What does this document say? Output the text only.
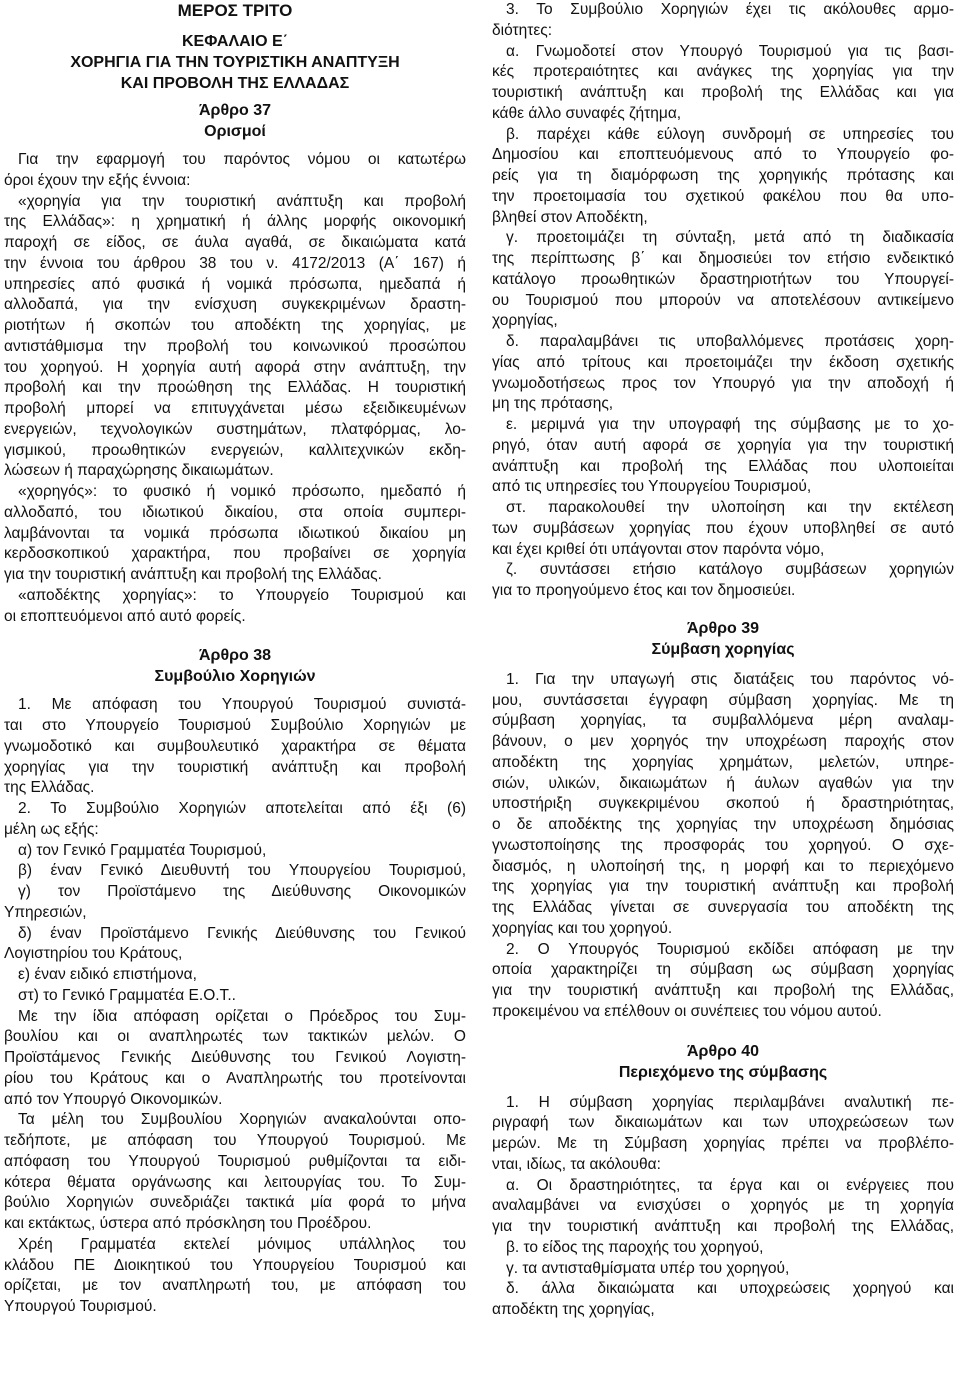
ΜΕΡΟΣ ΤΡΙΤΟ
ΚΕΦΑΛΑΙΟ Ε΄
ΧΟΡΗΓΙΑ ΓΙΑ ΤΗΝ ΤΟΥΡΙΣΤΙΚΗ ΑΝΑΠΤΥΞΗ
ΚΑΙ ΠΡΟΒΟΛΗ ΤΗΣ ΕΛΛΑΔΑΣ
Άρθρο 37
Ορισμοί
Για την εφαρμογή του παρόντος νόμου οι κατωτέρω
όροι έχουν την εξής έννοια:
«χορηγία για την τουριστική ανάπτυξη και προβολή
της Ελλάδας»: η χρηματική ή άλλης μορφής οικονομική
παροχή σε είδος, σε άυλα αγαθά, σε δικαιώματα κατά
την έννοια του άρθρου 38 του ν. 4172/2013 (Α΄ 167) ή
υπηρεσίες από φυσικά ή νομικά πρόσωπα, ημεδαπά ή
αλλοδαπά, για την ενίσχυση συγκεκριμένων δραστη-
ριοτήτων ή σκοπών του αποδέκτη της χορηγίας, με
αντιστάθμισμα την προβολή του κοινωνικού προσώπου
του χορηγού. Η χορηγία αυτή αφορά στην ανάπτυξη, την
προβολή και την προώθηση της Ελλάδας. Η τουριστική
προβολή μπορεί να επιτυγχάνεται μέσω εξειδικευμένων
ενεργειών, τεχνολογικών συστημάτων, πλατφόρμας, λο-
γισμικού, προωθητικών ενεργειών, καλλιτεχνικών εκδη-
λώσεων ή παραχώρησης δικαιωμάτων.
«χορηγός»: το φυσικό ή νομικό πρόσωπο, ημεδαπό ή
αλλοδαπό, του ιδιωτικού δικαίου, στα οποία συμπερι-
λαμβάνονται τα νομικά πρόσωπα ιδιωτικού δικαίου μη
κερδοσκοπικού χαρακτήρα, που προβαίνει σε χορηγία
για την τουριστική ανάπτυξη και προβολή της Ελλάδας.
«αποδέκτης χορηγίας»: το Υπουργείο Τουρισμού και
οι εποπτευόμενοι από αυτό φορείς.
Άρθρο 38
Συμβούλιο Χορηγιών
1. Με απόφαση του Υπουργού Τουρισμού συνιστά-
ται στο Υπουργείο Τουρισμού Συμβούλιο Χορηγιών με
γνωμοδοτικό και συμβουλευτικό χαρακτήρα σε θέματα
χορηγίας για την τουριστική ανάπτυξη και προβολή
της Ελλάδας.
2. Το Συμβούλιο Χορηγιών αποτελείται από έξι (6)
μέλη ως εξής:
α) τον Γενικό Γραμματέα Τουρισμού,
β) έναν Γενικό Διευθυντή του Υπουργείου Τουρισμού,
γ) τον Προϊστάμενο της Διεύθυνσης Οικονομικών
Υπηρεσιών,
δ) έναν Προϊστάμενο Γενικής Διεύθυνσης του Γενικού
Λογιστηρίου του Κράτους,
ε) έναν ειδικό επιστήμονα,
στ) το Γενικό Γραμματέα Ε.Ο.Τ..
Με την ίδια απόφαση ορίζεται ο Πρόεδρος του Συμ-
βουλίου και οι αναπληρωτές των τακτικών μελών. Ο
Προϊστάμενος Γενικής Διεύθυνσης του Γενικού Λογιστη-
ρίου του Κράτους και ο Αναπληρωτής του προτείνονται
από τον Υπουργό Οικονομικών.
Τα μέλη του Συμβουλίου Χορηγιών ανακαλούνται οπο-
τεδήποτε, με απόφαση του Υπουργού Τουρισμού. Με
απόφαση του Υπουργού Τουρισμού ρυθμίζονται τα ειδι-
κότερα θέματα οργάνωσης και λειτουργίας του. Το Συμ-
βούλιο Χορηγιών συνεδριάζει τακτικά μία φορά το μήνα
και εκτάκτως, ύστερα από πρόσκληση του Προέδρου.
Χρέη Γραμματέα εκτελεί μόνιμος υπάλληλος του
κλάδου ΠΕ Διοικητικού του Υπουργείου Τουρισμού και
ορίζεται, με τον αναπληρωτή του, με απόφαση του
Υπουργού Τουρισμού.
3. Το Συμβούλιο Χορηγιών έχει τις ακόλουθες αρμο-
διότητες:
α. Γνωμοδοτεί στον Υπουργό Τουρισμού για τις βασι-
κές προτεραιότητες και ανάγκες της χορηγίας για την
τουριστική ανάπτυξη και προβολή της Ελλάδας και για
κάθε άλλο συναφές ζήτημα,
β. παρέχει κάθε εύλογη συνδρομή σε υπηρεσίες του
Δημοσίου και εποπτευόμενους από το Υπουργείο φο-
ρείς για τη διαμόρφωση της χορηγικής πρότασης και
την προετοιμασία του σχετικού φακέλου που θα υπο-
βληθεί στον Αποδέκτη,
γ. προετοιμάζει τη σύνταξη, μετά από τη διαδικασία
της περίπτωσης β΄ και δημοσιεύει τον ετήσιο ενδεικτικό
κατάλογο προωθητικών δραστηριοτήτων του Υπουργεί-
ου Τουρισμού που μπορούν να αποτελέσουν αντικείμενο
χορηγίας,
δ. παραλαμβάνει τις υποβαλλόμενες προτάσεις χορη-
γίας από τρίτους και προετοιμάζει την έκδοση σχετικής
γνωμοδοτήσεως προς τον Υπουργό για την αποδοχή ή
μη της πρότασης,
ε. μεριμνά για την υπογραφή της σύμβασης με το χο-
ρηγό, όταν αυτή αφορά σε χορηγία για την τουριστική
ανάπτυξη και προβολή της Ελλάδας που υλοποιείται
από τις υπηρεσίες του Υπουργείου Τουρισμού,
στ. παρακολουθεί την υλοποίηση και την εκτέλεση
των συμβάσεων χορηγίας που έχουν υποβληθεί σε αυτό
και έχει κριθεί ότι υπάγονται στον παρόντα νόμο,
ζ. συντάσσει ετήσιο κατάλογο συμβάσεων χορηγιών
για το προηγούμενο έτος και τον δημοσιεύει.
Άρθρο 39
Σύμβαση χορηγίας
1. Για την υπαγωγή στις διατάξεις του παρόντος νό-
μου, συντάσσεται έγγραφη σύμβαση χορηγίας. Με τη
σύμβαση χορηγίας, τα συμβαλλόμενα μέρη αναλαμ-
βάνουν, ο μεν χορηγός την υποχρέωση παροχής στον
αποδέκτη της χορηγίας χρημάτων, μελετών, υπηρε-
σιών, υλικών, δικαιωμάτων ή άυλων αγαθών για την
υποστήριξη συγκεκριμένου σκοπού ή δραστηριότητας,
ο δε αποδέκτης της χορηγίας την υποχρέωση δημόσιας
γνωστοποίησης της προσφοράς του χορηγού. Ο σχε-
διασμός, η υλοποίησή της, η μορφή και το περιεχόμενο
της χορηγίας για την τουριστική ανάπτυξη και προβολή
της Ελλάδας γίνεται σε συνεργασία του αποδέκτη της
χορηγίας και του χορηγού.
2. Ο Υπουργός Τουρισμού εκδίδει απόφαση με την
οποία χαρακτηρίζει τη σύμβαση ως σύμβαση χορηγίας
για την τουριστική ανάπτυξη και προβολή της Ελλάδας,
προκειμένου να επέλθουν οι συνέπειες του νόμου αυτού.
Άρθρο 40
Περιεχόμενο της σύμβασης
1. Η σύμβαση χορηγίας περιλαμβάνει αναλυτική πε-
ριγραφή των δικαιωμάτων και των υποχρεώσεων των
μερών. Με τη Σύμβαση χορηγίας πρέπει να προβλέπο-
νται, ιδίως, τα ακόλουθα:
α. Οι δραστηριότητες, τα έργα και οι ενέργειες που
αναλαμβάνει να ενισχύσει ο χορηγός με τη χορηγία
για την τουριστική ανάπτυξη και προβολή της Ελλάδας,
β. το είδος της παροχής του χορηγού,
γ. τα αντισταθμίσματα υπέρ του χορηγού,
δ. άλλα δικαιώματα και υποχρεώσεις χορηγού και
αποδέκτη της χορηγίας,
